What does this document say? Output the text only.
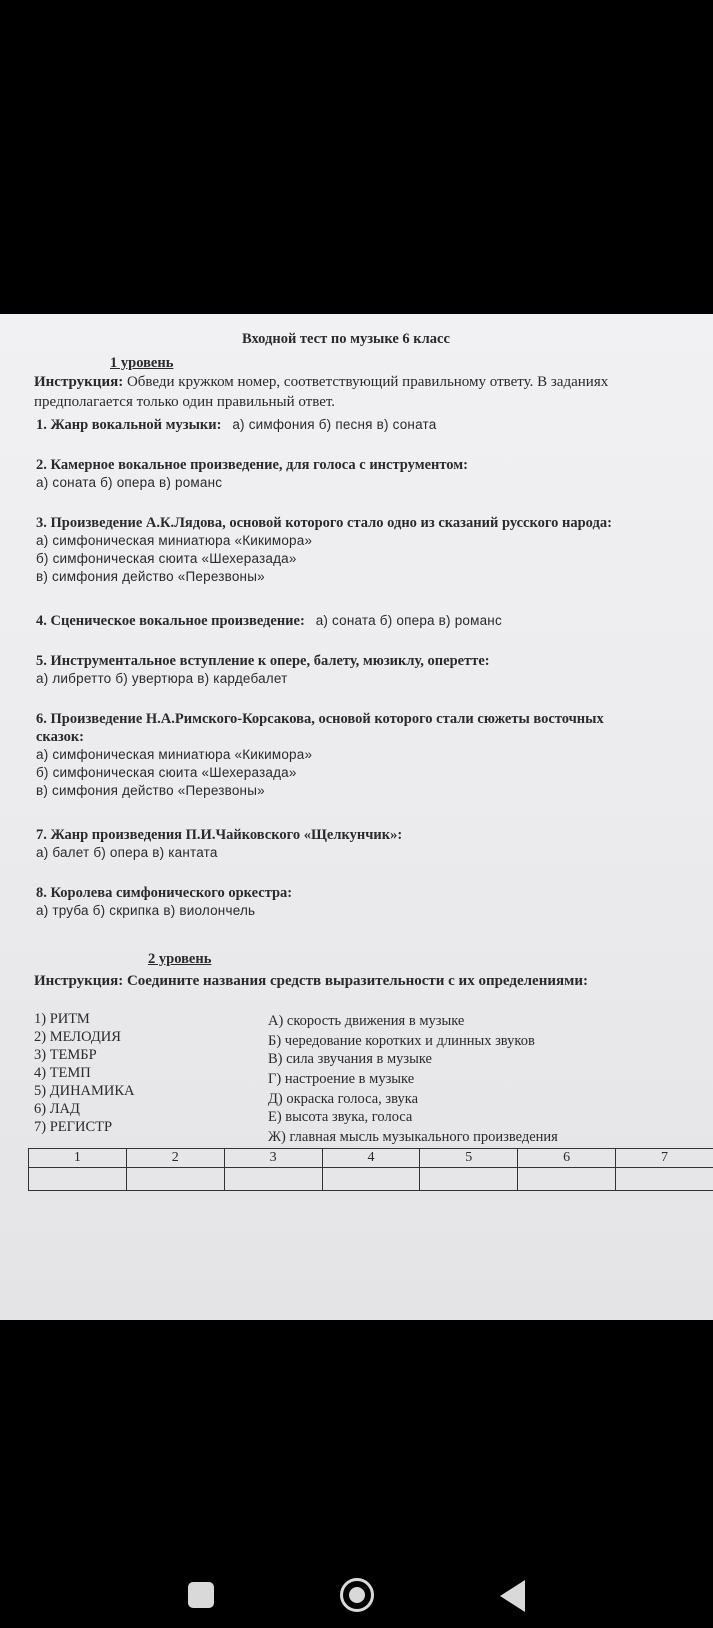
Входной тест по музыке 6 класс
1 уровень
Инструкция: Обведи кружком номер, соответствующий правильному ответу. В заданиях предполагается только один правильный ответ.
1. Жанр вокальной музыки: а) симфония б) песня в) соната
2. Камерное вокальное произведение, для голоса с инструментом:
а) соната б) опера в) романс
3. Произведение А.К.Лядова, основой которого стало одно из сказаний русского народа:
а) симфоническая миниатюра «Кикимора»
б) симфоническая сюита «Шехеразада»
в) симфония действо «Перезвоны»
4. Сценическое вокальное произведение: а) соната б) опера в) романс
5. Инструментальное вступление к опере, балету, мюзиклу, оперетте:
а) либретто б) увертюра в) кардебалет
6. Произведение Н.А.Римского-Корсакова, основой которого стали сюжеты восточных
сказок:
а) симфоническая миниатюра «Кикимора»
б) симфоническая сюита «Шехеразада»
в) симфония действо «Перезвоны»
7. Жанр произведения П.И.Чайковского «Щелкунчик»:
а) балет б) опера в) кантата
8. Королева симфонического оркестра:
а) труба б) скрипка в) виолончель
2 уровень
Инструкция: Соедините названия средств выразительности с их определениями:
1) РИТМ
2) МЕЛОДИЯ
3) ТЕМБР
4) ТЕМП
5) ДИНАМИКА
6) ЛАД
7) РЕГИСТР
А) скорость движения в музыке
Б) чередование коротких и длинных звуков
В) сила звучания в музыке
Г) настроение в музыке
Д) окраска голоса, звука
Е) высота звука, голоса
Ж) главная мысль музыкального произведения
1	2	3	4	5	6	7
